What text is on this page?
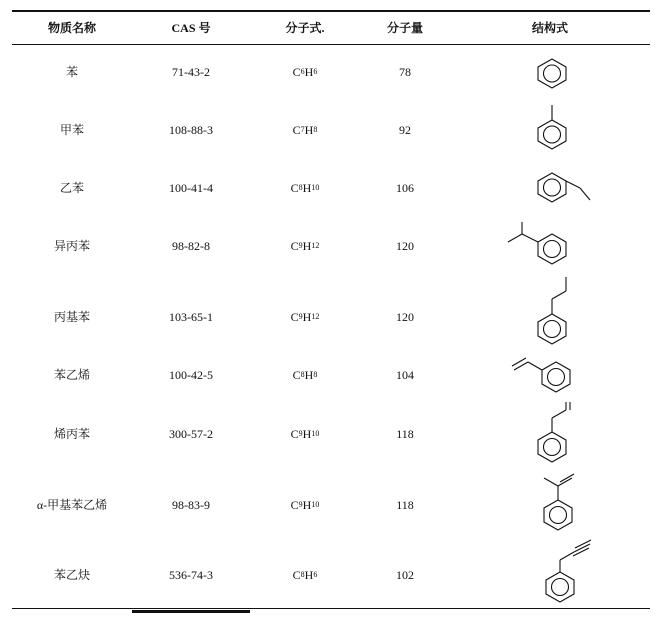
物质名称	CAS 号	分子式.	分子量	结构式
苯	71-43-2	C 6 H 6	78
甲苯	108-88-3	C 7 H 8	92
乙苯	100-41-4	C 8 H 10	106
异丙苯	98-82-8	C 9 H 12	120
丙基苯	103-65-1	C 9 H 12	120
苯乙烯	100-42-5	C 8 H 8	104
烯丙苯	300-57-2	C 9 H 10	118
α-甲基苯乙烯	98-83-9	C 9 H 10	118
苯乙炔	536-74-3	C 8 H 6	102
